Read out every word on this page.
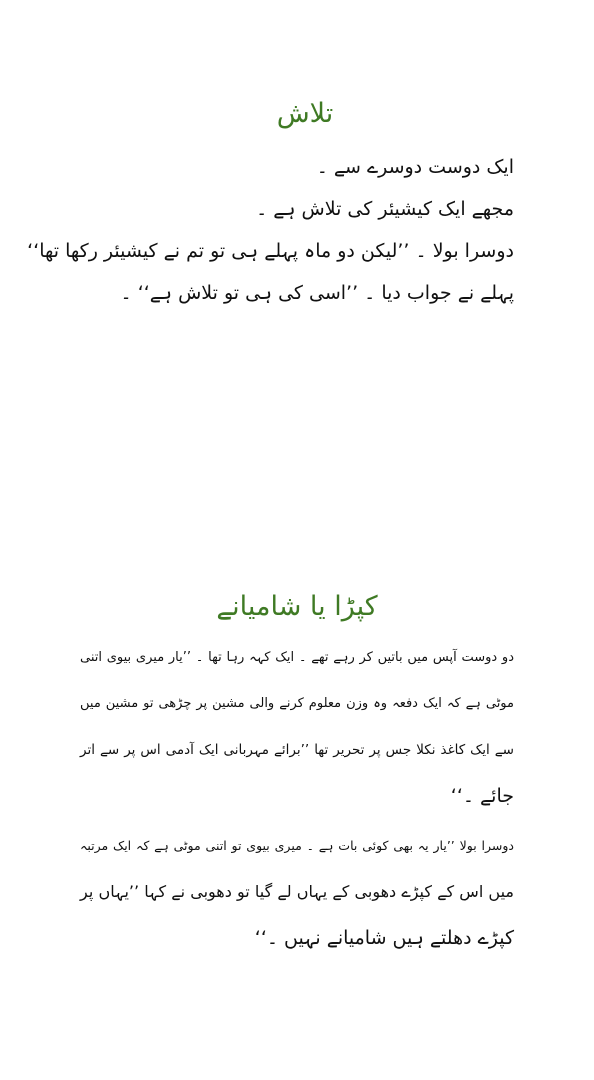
تلاش
ایک دوست دوسرے سے ۔
مجھے ایک کیشیئر کی تلاش ہے ۔
دوسرا بولا ۔ ’’لیکن دو ماہ پہلے ہی تو تم نے کیشیئر رکھا تھا‘‘
پہلے نے جواب دیا ۔ ’’اسی کی ہی تو تلاش ہے‘‘ ۔
کپڑا یا شامیانے
دو دوست آپس میں باتیں کر رہے تھے ۔ ایک کہہ رہا تھا ۔ ’’یار میری بیوی اتنی
موٹی ہے کہ ایک دفعہ وہ وزن معلوم کرنے والی مشین پر چڑھی تو مشین میں
سے ایک کاغذ نکلا جس پر تحریر تھا ’’برائے مہربانی ایک آدمی اس پر سے اتر
جائے ۔‘‘
دوسرا بولا ’’یار یہ بھی کوئی بات ہے ۔ میری بیوی تو اتنی موٹی ہے کہ ایک مرتبہ
میں اس کے کپڑے دھوبی کے یہاں لے گیا تو دھوبی نے کہا ’’یہاں پر
کپڑے دھلتے ہیں شامیانے نہیں ۔‘‘
